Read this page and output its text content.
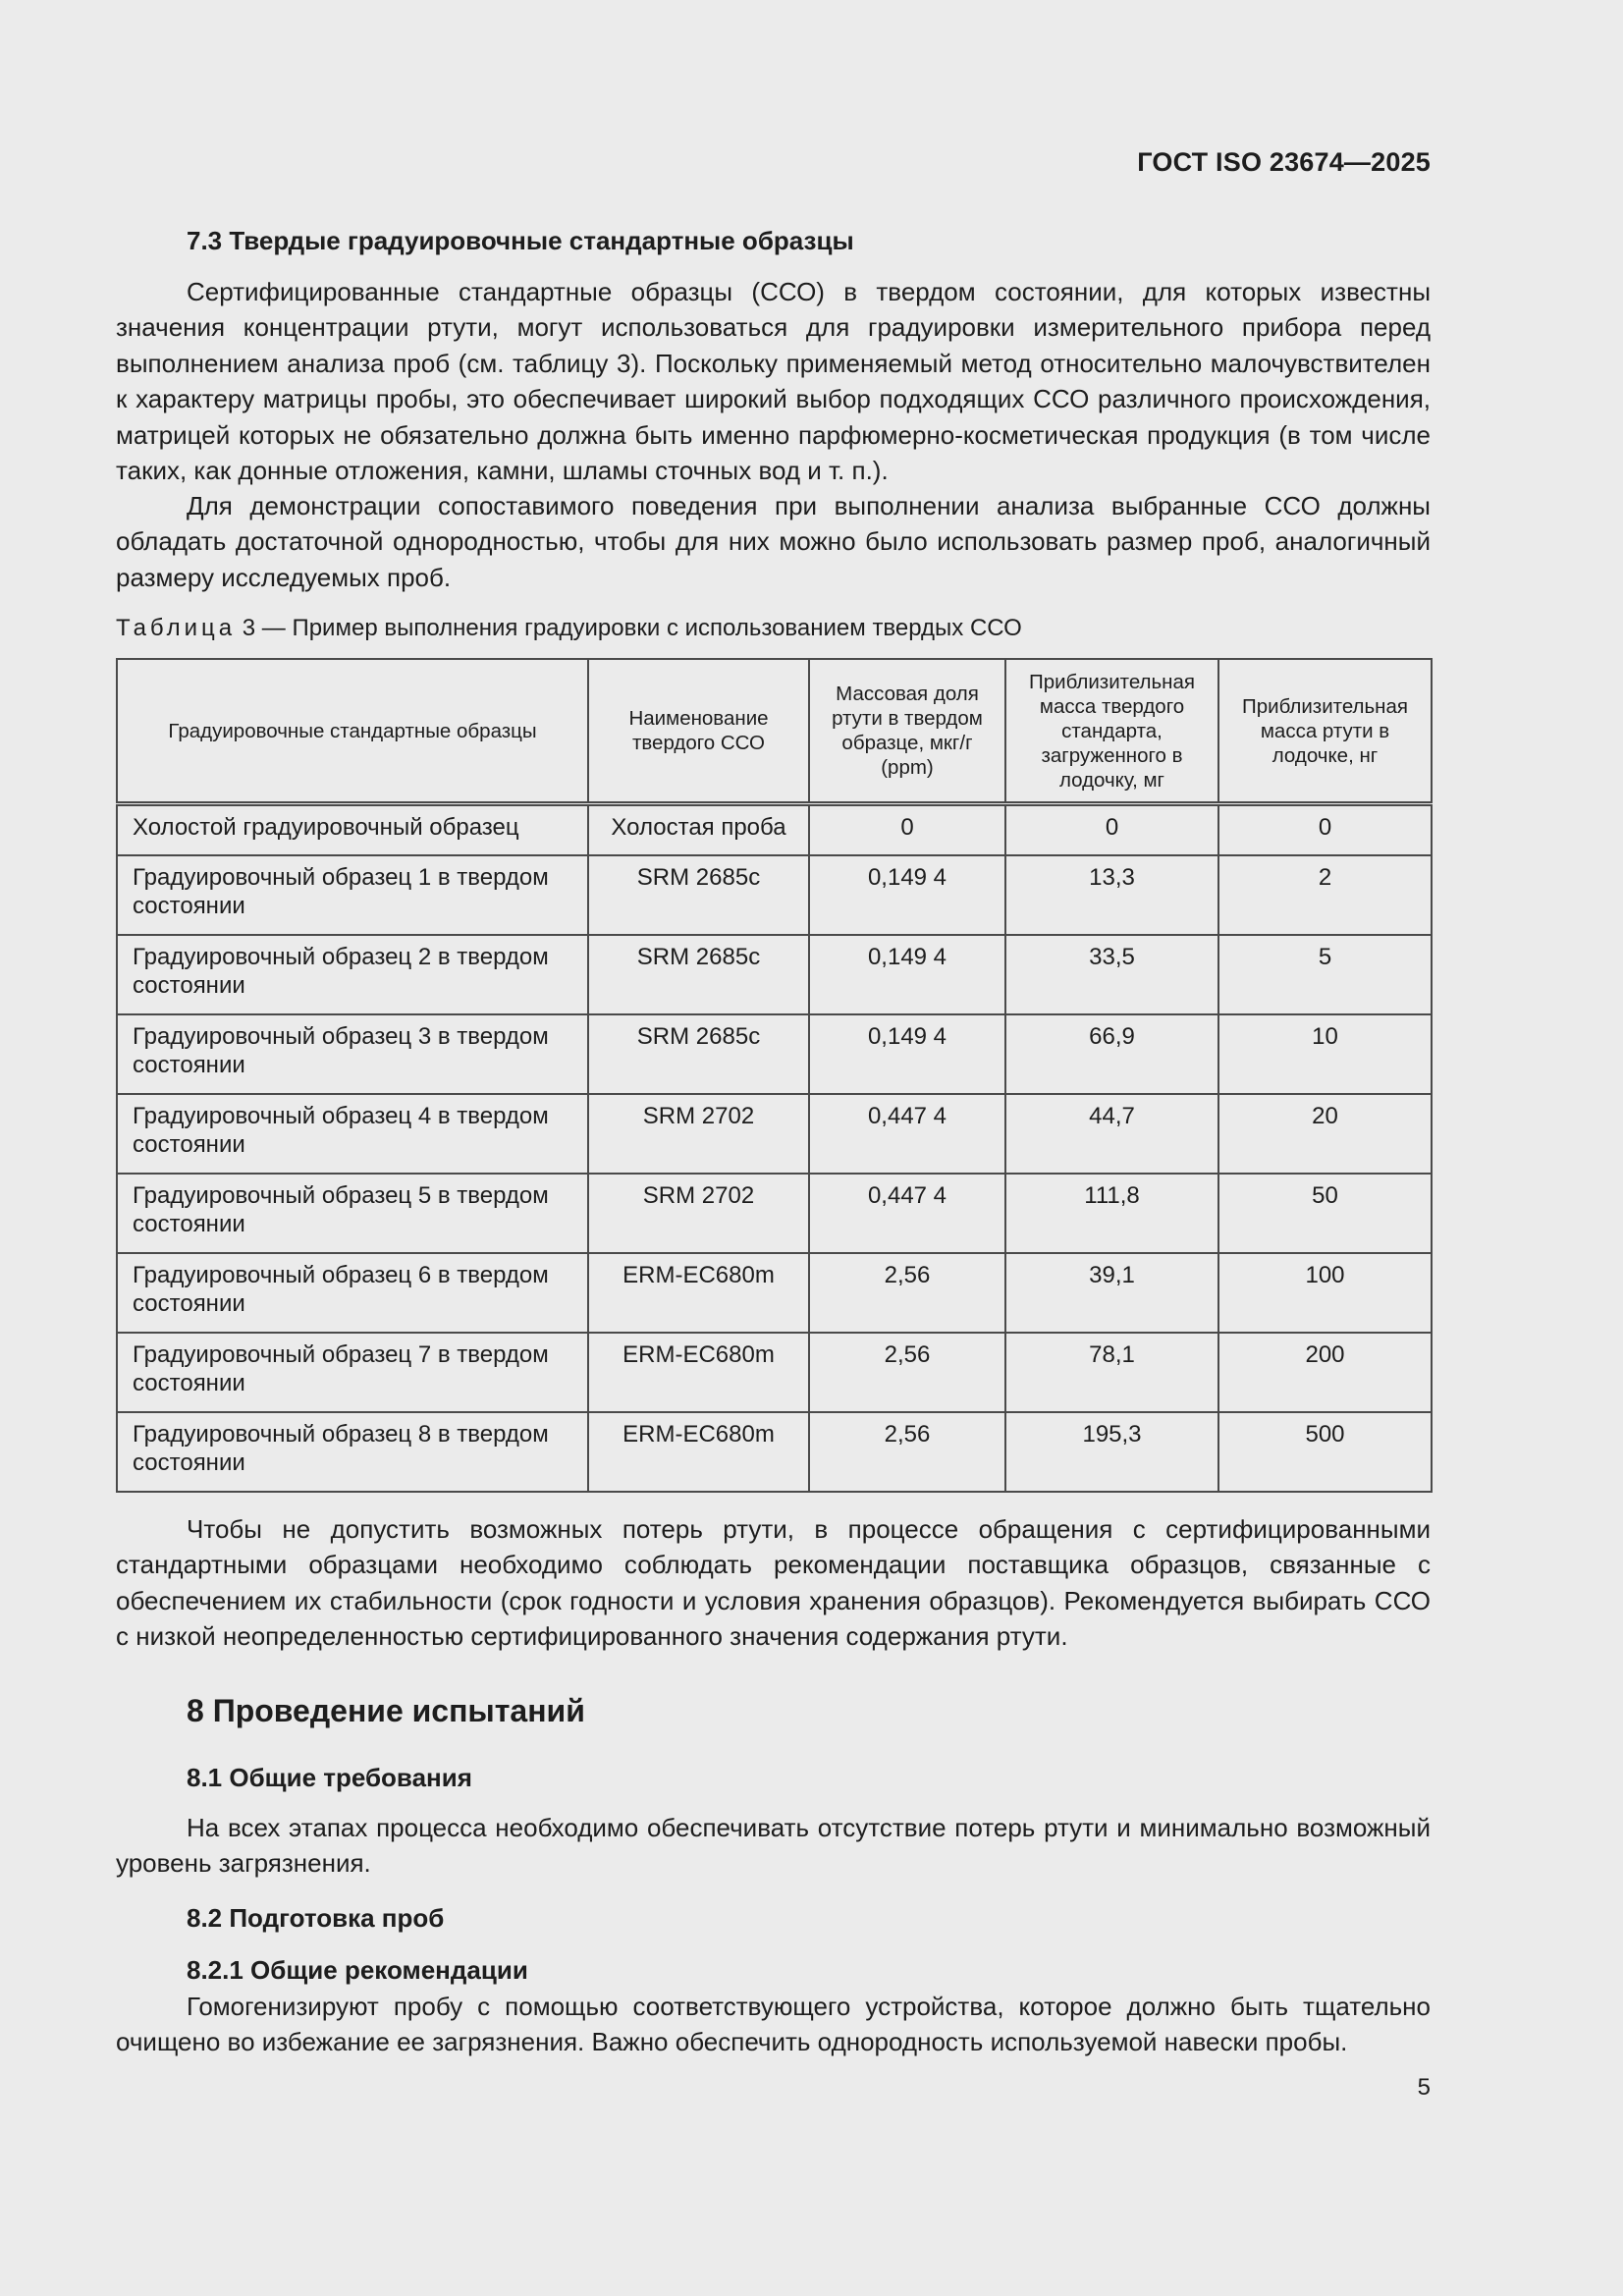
ГОСТ ISO 23674—2025
7.3 Твердые градуировочные стандартные образцы
Сертифицированные стандартные образцы (ССО) в твердом состоянии, для которых известны значения концентрации ртути, могут использоваться для градуировки измерительного прибора перед выполнением анализа проб (см. таблицу 3). Поскольку применяемый метод относительно малочувствителен к характеру матрицы пробы, это обеспечивает широкий выбор подходящих ССО различного происхождения, матрицей которых не обязательно должна быть именно парфюмерно-косметическая продукция (в том числе таких, как донные отложения, камни, шламы сточных вод и т. п.).
Для демонстрации сопоставимого поведения при выполнении анализа выбранные ССО должны обладать достаточной однородностью, чтобы для них можно было использовать размер проб, аналогичный размеру исследуемых проб.
Таблица 3 — Пример выполнения градуировки с использованием твердых ССО
Градуировочные стандартные образцы	Наименование твердого ССО	Массовая доля ртути в твердом образце, мкг/г (ppm)	Приблизительная масса твердого стандарта, загруженного в лодочку, мг	Приблизительная масса ртути в лодочке, нг
Холостой градуировочный образец	Холостая проба	0	0	0
Градуировочный образец 1 в твердом состоянии	SRM 2685c	0,149 4	13,3	2
Градуировочный образец 2 в твердом состоянии	SRM 2685c	0,149 4	33,5	5
Градуировочный образец 3 в твердом состоянии	SRM 2685c	0,149 4	66,9	10
Градуировочный образец 4 в твердом состоянии	SRM 2702	0,447 4	44,7	20
Градуировочный образец 5 в твердом состоянии	SRM 2702	0,447 4	111,8	50
Градуировочный образец 6 в твердом состоянии	ERM-EC680m	2,56	39,1	100
Градуировочный образец 7 в твердом состоянии	ERM-EC680m	2,56	78,1	200
Градуировочный образец 8 в твердом состоянии	ERM-EC680m	2,56	195,3	500
Чтобы не допустить возможных потерь ртути, в процессе обращения с сертифицированными стандартными образцами необходимо соблюдать рекомендации поставщика образцов, связанные с обеспечением их стабильности (срок годности и условия хранения образцов). Рекомендуется выбирать ССО с низкой неопределенностью сертифицированного значения содержания ртути.
8 Проведение испытаний
8.1 Общие требования
На всех этапах процесса необходимо обеспечивать отсутствие потерь ртути и минимально возможный уровень загрязнения.
8.2 Подготовка проб
8.2.1 Общие рекомендации
Гомогенизируют пробу с помощью соответствующего устройства, которое должно быть тщательно очищено во избежание ее загрязнения. Важно обеспечить однородность используемой навески пробы.
5
